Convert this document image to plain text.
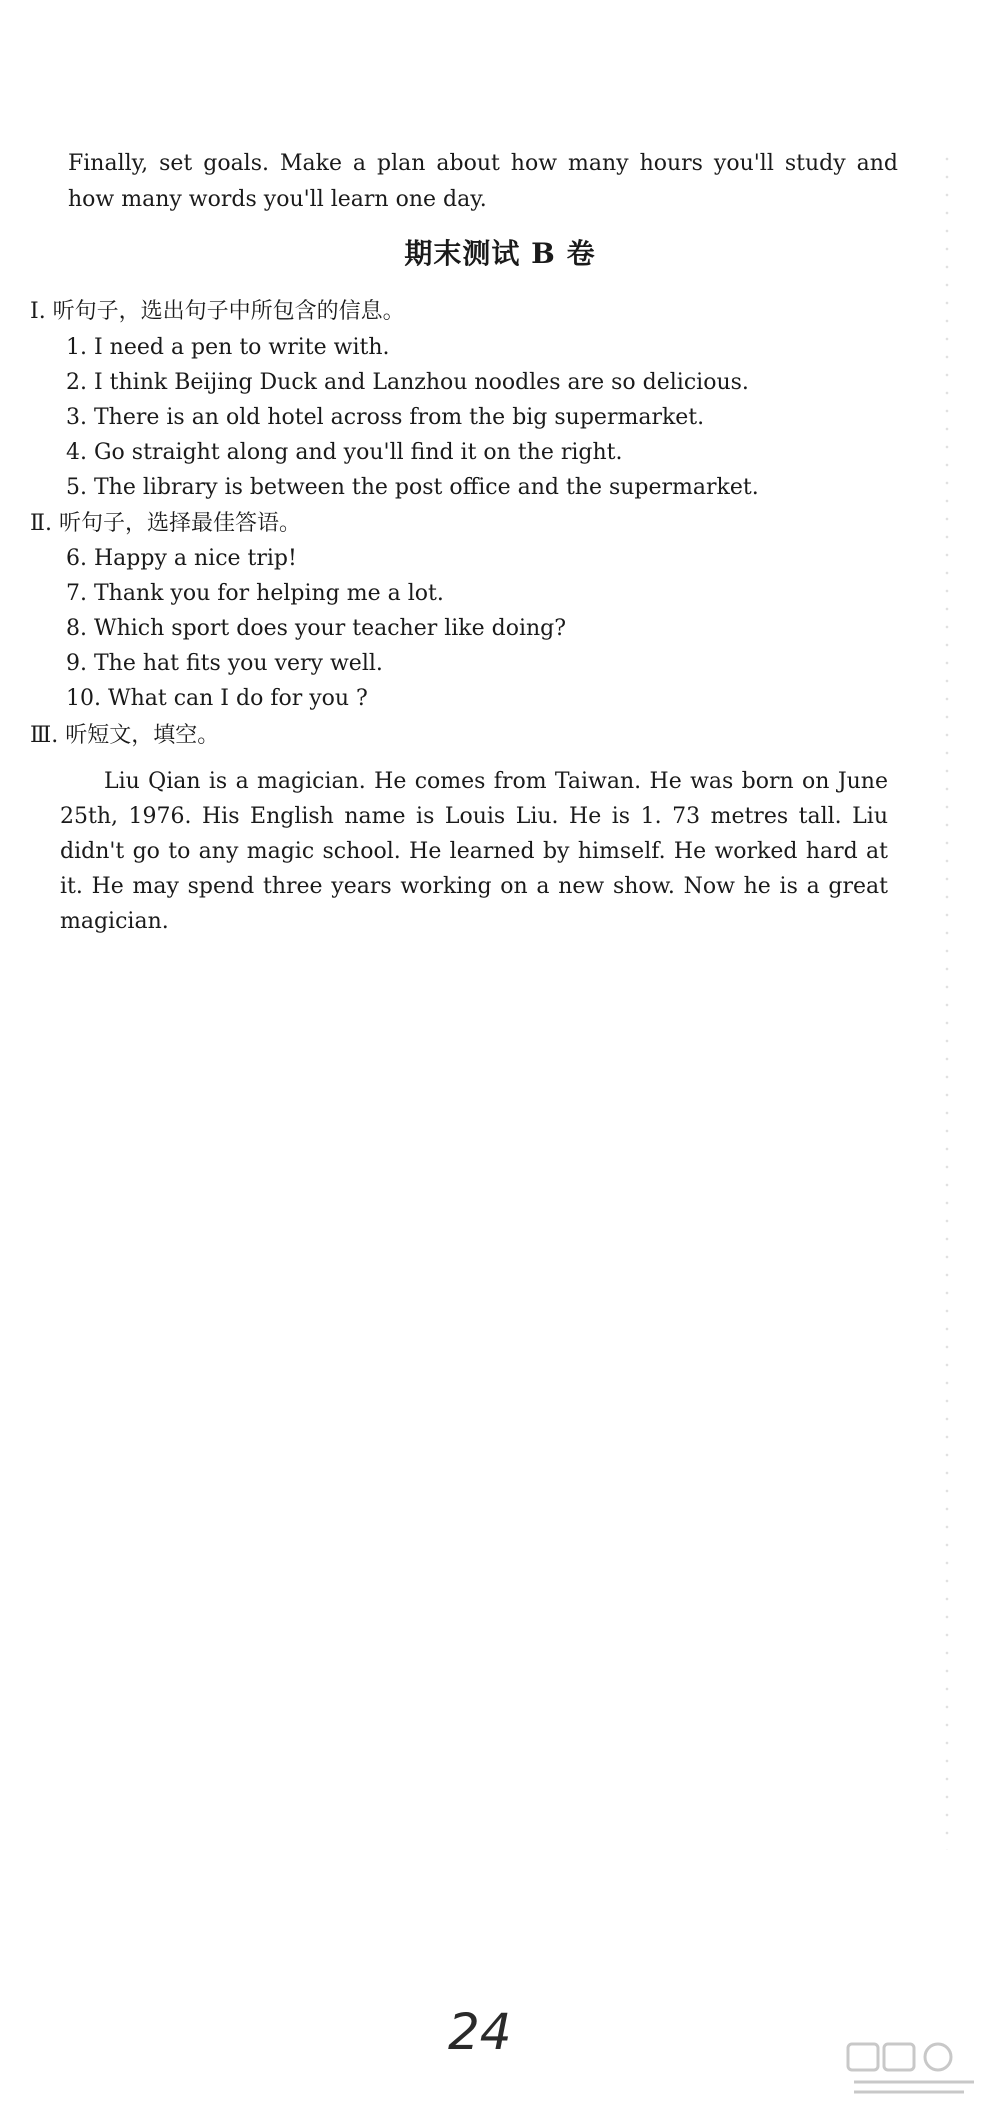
Finally, set goals. Make a plan about how many hours you'll study and how many words you'll learn one day.

期末测试 B 卷
Ⅰ. 听句子，选出句子中所包含的信息。
1. I need a pen to write with.
2. I think Beijing Duck and Lanzhou noodles are so delicious.
3. There is an old hotel across from the big supermarket.
4. Go straight along and you'll find it on the right.
5. The library is between the post office and the supermarket.
Ⅱ. 听句子，选择最佳答语。
6. Happy a nice trip!
7. Thank you for helping me a lot.
8. Which sport does your teacher like doing?
9. The hat fits you very well.
10. What can I do for you ?
Ⅲ. 听短文，填空。

Liu Qian is a magician. He comes from Taiwan. He was born on June 25th, 1976. His English name is Louis Liu. He is 1. 73 metres tall. Liu didn't go to any magic school. He learned by himself. He worked hard at it. He may spend three years working on a new show. Now he is a great magician.

24
